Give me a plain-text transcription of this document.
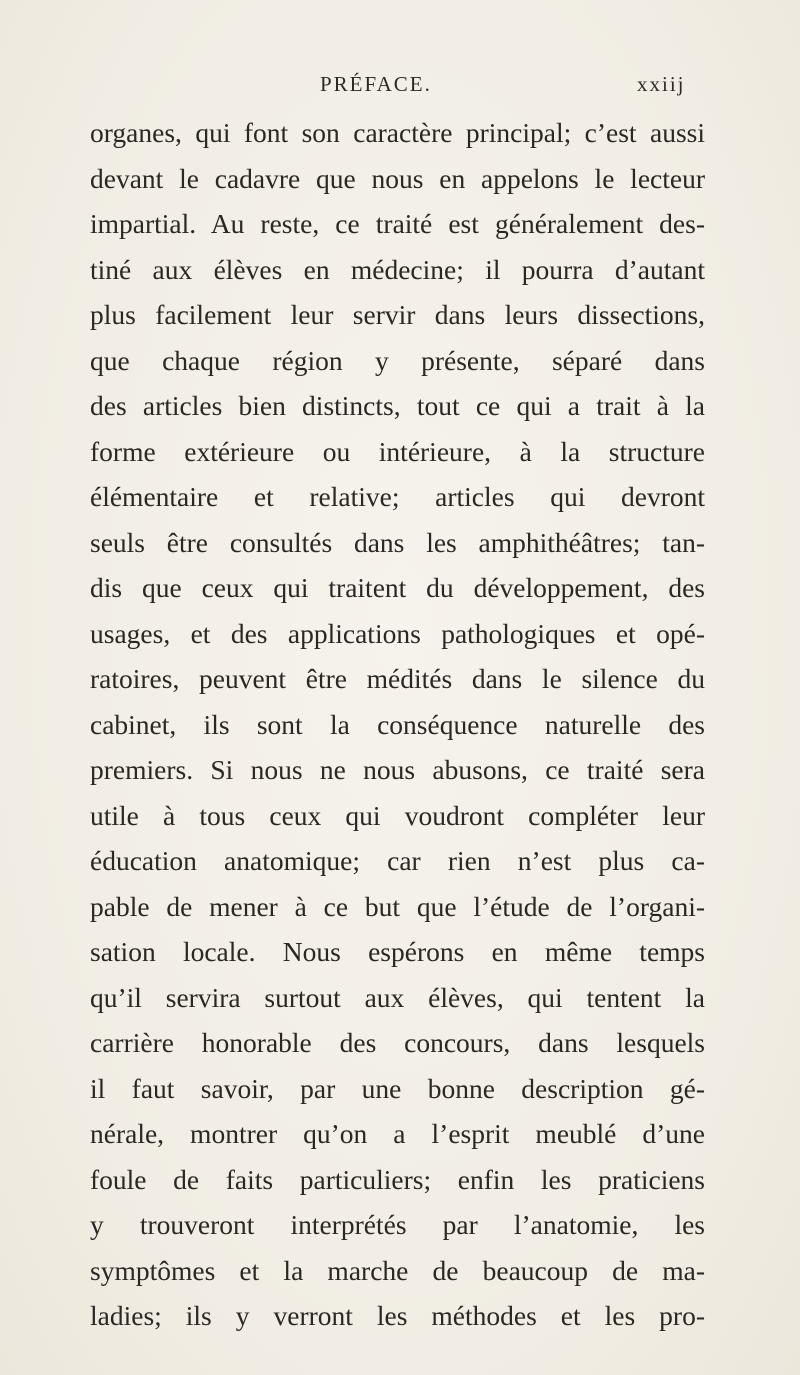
PRÉFACE.	xxiij
organes, qui font son caractère principal; c’est aussi
devant le cadavre que nous en appelons le lecteur
impartial. Au reste, ce traité est généralement des-
tiné aux élèves en médecine; il pourra d’autant
plus facilement leur servir dans leurs dissections,
que chaque région y présente, séparé dans
des articles bien distincts, tout ce qui a trait à la
forme extérieure ou intérieure, à la structure
élémentaire et relative; articles qui devront
seuls être consultés dans les amphithéâtres; tan-
dis que ceux qui traitent du développement, des
usages, et des applications pathologiques et opé-
ratoires, peuvent être médités dans le silence du
cabinet, ils sont la conséquence naturelle des
premiers. Si nous ne nous abusons, ce traité sera
utile à tous ceux qui voudront compléter leur
éducation anatomique; car rien n’est plus ca-
pable de mener à ce but que l’étude de l’organi-
sation locale. Nous espérons en même temps
qu’il servira surtout aux élèves, qui tentent la
carrière honorable des concours, dans lesquels
il faut savoir, par une bonne description gé-
nérale, montrer qu’on a l’esprit meublé d’une
foule de faits particuliers; enfin les praticiens
y trouveront interprétés par l’anatomie, les
symptômes et la marche de beaucoup de ma-
ladies; ils y verront les méthodes et les pro-
